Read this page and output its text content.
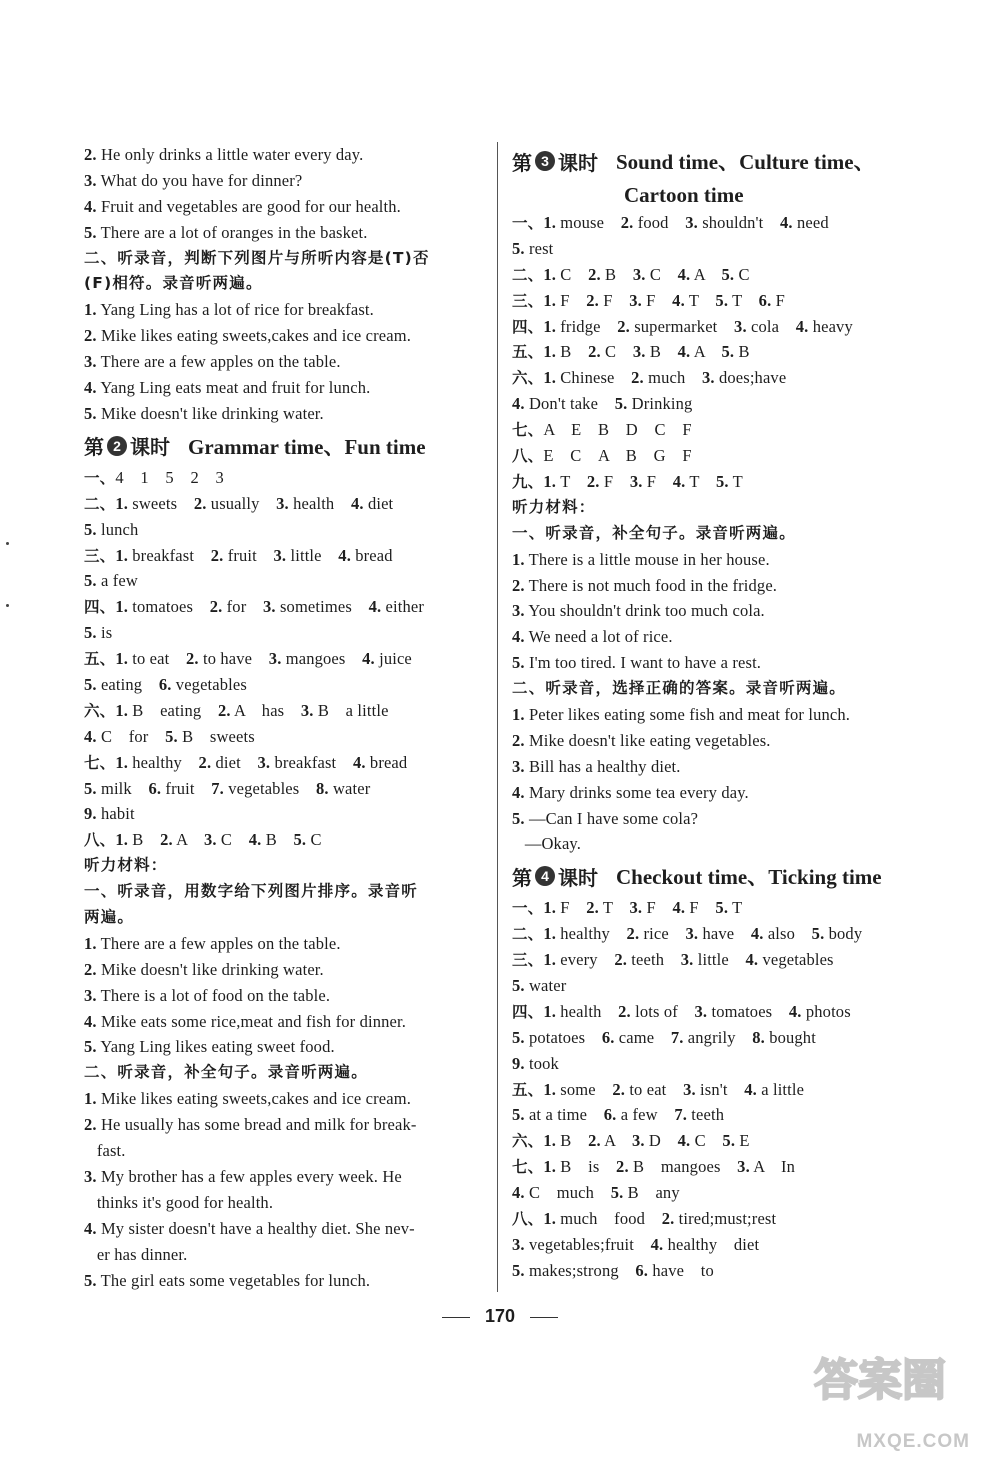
2. He only drinks a little water every day.
3. What do you have for dinner?
4. Fruit and vegetables are good for our health.
5. There are a lot of oranges in the basket.
二、听录音，判断下列图片与所听内容是(T)否
(F)相符。录音听两遍。
1. Yang Ling has a lot of rice for breakfast.
2. Mike likes eating sweets,cakes and ice cream.
3. There are a few apples on the table.
4. Yang Ling eats meat and fruit for lunch.
5. Mike doesn't like drinking water.
第 2 课时 Grammar time、Fun time
一、4　1　5　2　3
二、1. sweets　2. usually　3. health　4. diet
5. lunch
三、1. breakfast　2. fruit　3. little　4. bread
5. a few
四、1. tomatoes　2. for　3. sometimes　4. either
5. is
五、1. to eat　2. to have　3. mangoes　4. juice
5. eating　6. vegetables
六、1. B　eating　2. A　has　3. B　a little
4. C　for　5. B　sweets
七、1. healthy　2. diet　3. breakfast　4. bread
5. milk　6. fruit　7. vegetables　8. water
9. habit
八、1. B　2. A　3. C　4. B　5. C
听力材料：
一、听录音，用数字给下列图片排序。录音听
两遍。
1. There are a few apples on the table.
2. Mike doesn't like drinking water.
3. There is a lot of food on the table.
4. Mike eats some rice,meat and fish for dinner.
5. Yang Ling likes eating sweet food.
二、听录音，补全句子。录音听两遍。
1. Mike likes eating sweets,cakes and ice cream.
2. He usually has some bread and milk for break-
fast.
3. My brother has a few apples every week. He
thinks it's good for health.
4. My sister doesn't have a healthy diet. She nev-
er has dinner.
5. The girl eats some vegetables for lunch.
第 3 课时 Sound time、Culture time、
Cartoon time
一、1. mouse　2. food　3. shouldn't　4. need
5. rest
二、1. C　2. B　3. C　4. A　5. C
三、1. F　2. F　3. F　4. T　5. T　6. F
四、1. fridge　2. supermarket　3. cola　4. heavy
五、1. B　2. C　3. B　4. A　5. B
六、1. Chinese　2. much　3. does;have
4. Don't take　5. Drinking
七、A　E　B　D　C　F
八、E　C　A　B　G　F
九、1. T　2. F　3. F　4. T　5. T
听力材料：
一、听录音，补全句子。录音听两遍。
1. There is a little mouse in her house.
2. There is not much food in the fridge.
3. You shouldn't drink too much cola.
4. We need a lot of rice.
5. I'm too tired. I want to have a rest.
二、听录音，选择正确的答案。录音听两遍。
1. Peter likes eating some fish and meat for lunch.
2. Mike doesn't like eating vegetables.
3. Bill has a healthy diet.
4. Mary drinks some tea every day.
5. —Can I have some cola?
—Okay.
第 4 课时 Checkout time、Ticking time
一、1. F　2. T　3. F　4. F　5. T
二、1. healthy　2. rice　3. have　4. also　5. body
三、1. every　2. teeth　3. little　4. vegetables
5. water
四、1. health　2. lots of　3. tomatoes　4. photos
5. potatoes　6. came　7. angrily　8. bought
9. took
五、1. some　2. to eat　3. isn't　4. a little
5. at a time　6. a few　7. teeth
六、1. B　2. A　3. D　4. C　5. E
七、1. B　is　2. B　mangoes　3. A　In
4. C　much　5. B　any
八、1. much　food　2. tired;must;rest
3. vegetables;fruit　4. healthy　diet
5. makes;strong　6. have　to
170
答案圈
MXQE.COM
